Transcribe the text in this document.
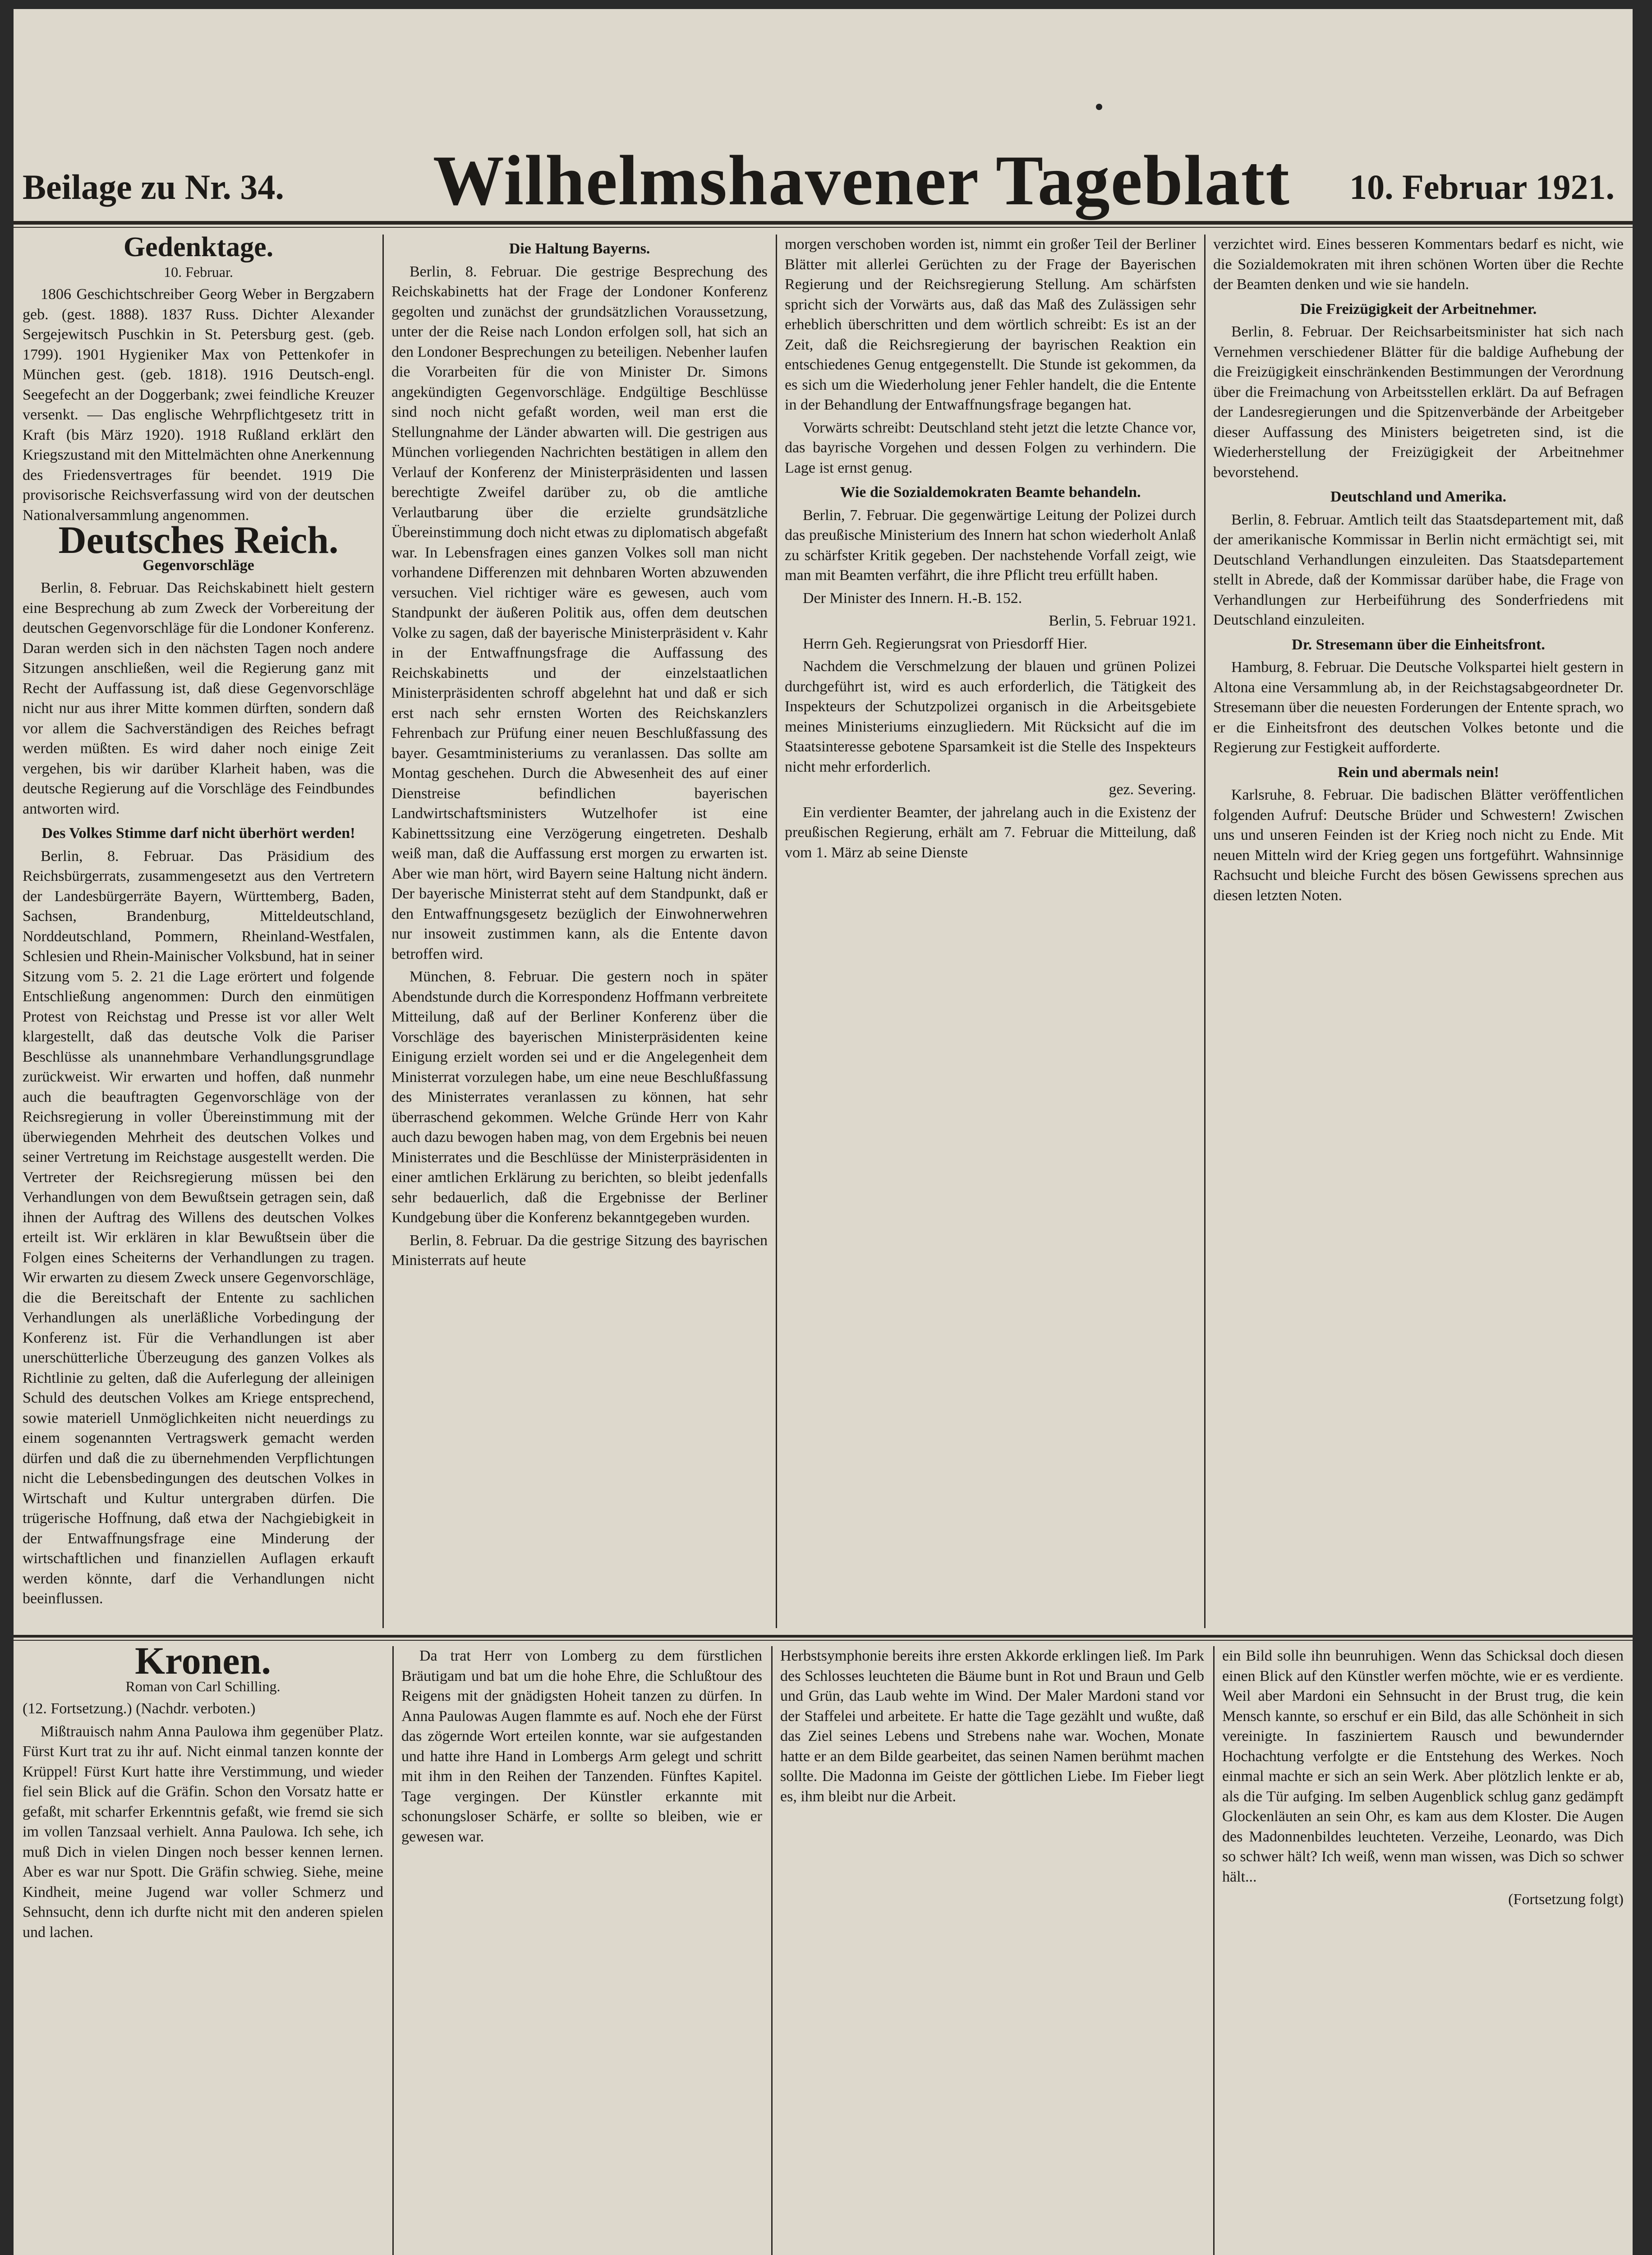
Beilage zu Nr. 34. Wilhelmshavener Tageblatt 10. Februar 1921.
Gedenktage.
10. Februar.

1806 Geschichtschreiber Georg Weber in Bergzabern geb. (gest. 1888). 1837 Russ. Dichter Alexander Sergejewitsch Puschkin in St. Petersburg gest. (geb. 1799). 1901 Hygieniker Max von Pettenkofer in München gest. (geb. 1818). 1916 Deutsch-engl. Seegefecht an der Doggerbank; zwei feindliche Kreuzer versenkt. — Das englische Wehrpflichtgesetz tritt in Kraft (bis März 1920). 1918 Rußland erklärt den Kriegszustand mit den Mittelmächten ohne Anerkennung des Friedensvertrages für beendet. 1919 Die provisorische Reichsverfassung wird von der deutschen Nationalversammlung angenommen.

Deutsches Reich.
Gegenvorschläge

Berlin, 8. Februar. Das Reichskabinett hielt gestern eine Besprechung ab zum Zweck der Vorbereitung der deutschen Gegenvorschläge für die Londoner Konferenz. Daran werden sich in den nächsten Tagen noch andere Sitzungen anschließen, weil die Regierung ganz mit Recht der Auffassung ist, daß diese Gegenvorschläge nicht nur aus ihrer Mitte kommen dürften, sondern daß vor allem die Sachverständigen des Reiches befragt werden müßten. Es wird daher noch einige Zeit vergehen, bis wir darüber Klarheit haben, was die deutsche Regierung auf die Vorschläge des Feindbundes antworten wird.

Des Volkes Stimme darf nicht überhört werden!

Berlin, 8. Februar. Das Präsidium des Reichsbürgerrats, zusammengesetzt aus den Vertretern der Landesbürgerräte Bayern, Württemberg, Baden, Sachsen, Brandenburg, Mitteldeutschland, Norddeutschland, Pommern, Rheinland-Westfalen, Schlesien und Rhein-Mainischer Volksbund, hat in seiner Sitzung vom 5. 2. 21 die Lage erörtert und folgende Entschließung angenommen: Durch den einmütigen Protest von Reichstag und Presse ist vor aller Welt klargestellt, daß das deutsche Volk die Pariser Beschlüsse als unannehmbare Verhandlungsgrundlage zurückweist. Wir erwarten und hoffen, daß nunmehr auch die beauftragten Gegenvorschläge von der Reichsregierung in voller Übereinstimmung mit der überwiegenden Mehrheit des deutschen Volkes und seiner Vertretung im Reichstage ausgestellt werden. Die Vertreter der Reichsregierung müssen bei den Verhandlungen von dem Bewußtsein getragen sein, daß ihnen der Auftrag des Willens des deutschen Volkes erteilt ist. Wir erklären in klar Bewußtsein über die Folgen eines Scheiterns der Verhandlungen zu tragen. Wir erwarten zu diesem Zweck unsere Gegenvorschläge, die die Bereitschaft der Entente zu sachlichen Verhandlungen als unerläßliche Vorbedingung der Konferenz ist. Für die Verhandlungen ist aber unerschütterliche Überzeugung des ganzen Volkes als Richtlinie zu gelten, daß die Auferlegung der alleinigen Schuld des deutschen Volkes am Kriege entsprechend, sowie materiell Unmöglichkeiten nicht neuerdings zu einem sogenannten Vertragswerk gemacht werden dürfen und daß die zu übernehmenden Verpflichtungen nicht die Lebensbedingungen des deutschen Volkes in Wirtschaft und Kultur untergraben dürfen. Die trügerische Hoffnung, daß etwa der Nachgiebigkeit in der Entwaffnungsfrage eine Minderung der wirtschaftlichen und finanziellen Auflagen erkauft werden könnte, darf die Verhandlungen nicht beeinflussen.

Die Haltung Bayerns.

Berlin, 8. Februar. Die gestrige Besprechung des Reichskabinetts hat der Frage der Londoner Konferenz gegolten und zunächst der grundsätzlichen Voraussetzung, unter der die Reise nach London erfolgen soll, hat sich an den Londoner Besprechungen zu beteiligen. Nebenher laufen die Vorarbeiten für die von Minister Dr. Simons angekündigten Gegenvorschläge. Endgültige Beschlüsse sind noch nicht gefaßt worden, weil man erst die Stellungnahme der Länder abwarten will. Die gestrigen aus München vorliegenden Nachrichten bestätigen in allem den Verlauf der Konferenz der Ministerpräsidenten und lassen berechtigte Zweifel darüber zu, ob die amtliche Verlautbarung über die erzielte grundsätzliche Übereinstimmung doch nicht etwas zu diplomatisch abgefaßt war. In Lebensfragen eines ganzen Volkes soll man nicht vorhandene Differenzen mit dehnbaren Worten abzuwenden versuchen. Viel richtiger wäre es gewesen, auch vom Standpunkt der äußeren Politik aus, offen dem deutschen Volke zu sagen, daß der bayerische Ministerpräsident v. Kahr in der Entwaffnungsfrage die Auffassung des Reichskabinetts und der einzelstaatlichen Ministerpräsidenten schroff abgelehnt hat und daß er sich erst nach sehr ernsten Worten des Reichskanzlers Fehrenbach zur Prüfung einer neuen Beschlußfassung des bayer. Gesamtministeriums zu veranlassen. Das sollte am Montag geschehen. Durch die Abwesenheit des auf einer Dienstreise befindlichen bayerischen Landwirtschaftsministers Wutzelhofer ist eine Kabinettssitzung eine Verzögerung eingetreten. Deshalb weiß man, daß die Auffassung erst morgen zu erwarten ist. Aber wie man hört, wird Bayern seine Haltung nicht ändern. Der bayerische Ministerrat steht auf dem Standpunkt, daß er den Entwaffnungsgesetz bezüglich der Einwohnerwehren nur insoweit zustimmen kann, als die Entente davon betroffen wird.

München, 8. Februar. Die gestern noch in später Abendstunde durch die Korrespondenz Hoffmann verbreitete Mitteilung, daß auf der Berliner Konferenz über die Vorschläge des bayerischen Ministerpräsidenten keine Einigung erzielt worden sei und er die Angelegenheit dem Ministerrat vorzulegen habe, um eine neue Beschlußfassung des Ministerrates veranlassen zu können, hat sehr überraschend gekommen. Welche Gründe Herr von Kahr auch dazu bewogen haben mag, von dem Ergebnis bei neuen Ministerrates und die Beschlüsse der Ministerpräsidenten in einer amtlichen Erklärung zu berichten, so bleibt jedenfalls sehr bedauerlich, daß die Ergebnisse der Berliner Kundgebung über die Konferenz bekanntgegeben wurden.

Berlin, 8. Februar. Da die gestrige Sitzung des bayrischen Ministerrats auf heute

morgen verschoben worden ist, nimmt ein großer Teil der Berliner Blätter mit allerlei Gerüchten zu der Frage der Bayerischen Regierung und der Reichsregierung Stellung. Am schärfsten spricht sich der Vorwärts aus, daß das Maß des Zulässigen sehr erheblich überschritten und dem wörtlich schreibt: Es ist an der Zeit, daß die Reichsregierung der bayrischen Reaktion ein entschiedenes Genug entgegenstellt. Die Stunde ist gekommen, da es sich um die Wiederholung jener Fehler handelt, die die Entente in der Behandlung der Entwaffnungsfrage begangen hat.

Vorwärts schreibt: Deutschland steht jetzt die letzte Chance vor, das bayrische Vorgehen und dessen Folgen zu verhindern. Die Lage ist ernst genug.

Wie die Sozialdemokraten Beamte behandeln.

Berlin, 7. Februar. Die gegenwärtige Leitung der Polizei durch das preußische Ministerium des Innern hat schon wiederholt Anlaß zu schärfster Kritik gegeben. Der nachstehende Vorfall zeigt, wie man mit Beamten verfährt, die ihre Pflicht treu erfüllt haben.

Der Minister des Innern. H.-B. 152.

Berlin, 5. Februar 1921.

Herrn Geh. Regierungsrat von Priesdorff Hier.

Nachdem die Verschmelzung der blauen und grünen Polizei durchgeführt ist, wird es auch erforderlich, die Tätigkeit des Inspekteurs der Schutzpolizei organisch in die Arbeitsgebiete meines Ministeriums einzugliedern. Mit Rücksicht auf die im Staatsinteresse gebotene Sparsamkeit ist die Stelle des Inspekteurs nicht mehr erforderlich.

gez. Severing.

Ein verdienter Beamter, der jahrelang auch in die Existenz der preußischen Regierung, erhält am 7. Februar die Mitteilung, daß vom 1. März ab seine Dienste

verzichtet wird. Eines besseren Kommentars bedarf es nicht, wie die Sozialdemokraten mit ihren schönen Worten über die Rechte der Beamten denken und wie sie handeln.

Die Freizügigkeit der Arbeitnehmer.

Berlin, 8. Februar. Der Reichsarbeitsminister hat sich nach Vernehmen verschiedener Blätter für die baldige Aufhebung der die Freizügigkeit einschränkenden Bestimmungen der Verordnung über die Freimachung von Arbeitsstellen erklärt. Da auf Befragen der Landesregierungen und die Spitzenverbände der Arbeitgeber dieser Auffassung des Ministers beigetreten sind, ist die Wiederherstellung der Freizügigkeit der Arbeitnehmer bevorstehend.

Deutschland und Amerika.

Berlin, 8. Februar. Amtlich teilt das Staatsdepartement mit, daß der amerikanische Kommissar in Berlin nicht ermächtigt sei, mit Deutschland Verhandlungen einzuleiten. Das Staatsdepartement stellt in Abrede, daß der Kommissar darüber habe, die Frage von Verhandlungen zur Herbeiführung des Sonderfriedens mit Deutschland einzuleiten.

Dr. Stresemann über die Einheitsfront.

Hamburg, 8. Februar. Die Deutsche Volkspartei hielt gestern in Altona eine Versammlung ab, in der Reichstagsabgeordneter Dr. Stresemann über die neuesten Forderungen der Entente sprach, wo er die Einheitsfront des deutschen Volkes betonte und die Regierung zur Festigkeit aufforderte.

Rein und abermals nein!

Karlsruhe, 8. Februar. Die badischen Blätter veröffentlichen folgenden Aufruf: Deutsche Brüder und Schwestern! Zwischen uns und unseren Feinden ist der Krieg noch nicht zu Ende. Mit neuen Mitteln wird der Krieg gegen uns fortgeführt. Wahnsinnige Rachsucht und bleiche Furcht des bösen Gewissens sprechen aus diesen letzten Noten.

Kronen.
Roman von Carl Schilling.

(12. Fortsetzung.) (Nachdr. verboten.)

Mißtrauisch nahm Anna Paulowa ihm gegenüber Platz. Fürst Kurt trat zu ihr auf. Nicht einmal tanzen konnte der Krüppel! Fürst Kurt hatte ihre Verstimmung, und wieder fiel sein Blick auf die Gräfin. Schon den Vorsatz hatte er gefaßt, mit scharfer Erkenntnis gefaßt, wie fremd sie sich im vollen Tanzsaal verhielt. Anna Paulowa. Ich sehe, ich muß Dich in vielen Dingen noch besser kennen lernen. Aber es war nur Spott. Die Gräfin schwieg. Siehe, meine Kindheit, meine Jugend war voller Schmerz und Sehnsucht, denn ich durfte nicht mit den anderen spielen und lachen.

Da trat Herr von Lomberg zu dem fürstlichen Bräutigam und bat um die hohe Ehre, die Schlußtour des Reigens mit der gnädigsten Hoheit tanzen zu dürfen. In Anna Paulowas Augen flammte es auf. Noch ehe der Fürst das zögernde Wort erteilen konnte, war sie aufgestanden und hatte ihre Hand in Lombergs Arm gelegt und schritt mit ihm in den Reihen der Tanzenden. Fünftes Kapitel. Tage vergingen. Der Künstler erkannte mit schonungsloser Schärfe, er sollte so bleiben, wie er gewesen war.

Herbstsymphonie bereits ihre ersten Akkorde erklingen ließ. Im Park des Schlosses leuchteten die Bäume bunt in Rot und Braun und Gelb und Grün, das Laub wehte im Wind. Der Maler Mardoni stand vor der Staffelei und arbeitete. Er hatte die Tage gezählt und wußte, daß das Ziel seines Lebens und Strebens nahe war. Wochen, Monate hatte er an dem Bilde gearbeitet, das seinen Namen berühmt machen sollte. Die Madonna im Geiste der göttlichen Liebe. Im Fieber liegt es, ihm bleibt nur die Arbeit.

ein Bild solle ihn beunruhigen. Wenn das Schicksal doch diesen einen Blick auf den Künstler werfen möchte, wie er es verdiente. Weil aber Mardoni ein Sehnsucht in der Brust trug, die kein Mensch kannte, so erschuf er ein Bild, das alle Schönheit in sich vereinigte. In fasziniertem Rausch und bewundernder Hochachtung verfolgte er die Entstehung des Werkes. Noch einmal machte er sich an sein Werk. Aber plötzlich lenkte er ab, als die Tür aufging. Im selben Augenblick schlug ganz gedämpft Glockenläuten an sein Ohr, es kam aus dem Kloster. Die Augen des Madonnenbildes leuchteten. Verzeihe, Leonardo, was Dich so schwer hält? Ich weiß, wenn man wissen, was Dich so schwer hält...

(Fortsetzung folgt)
